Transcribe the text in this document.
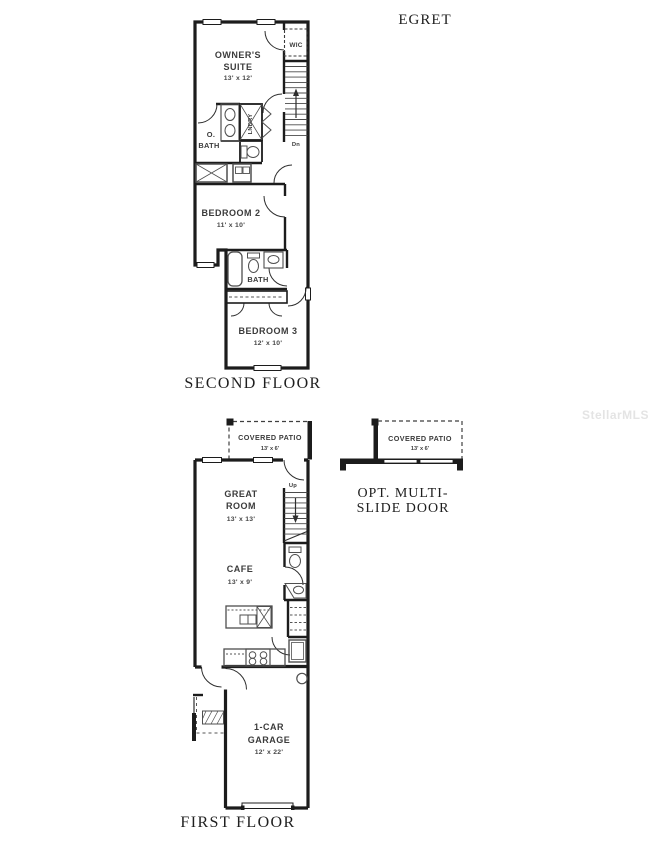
EGRET
StellarMLS
WIC
Dn
OWNER'S
SUITE
13' x 12'
O.
BATH
LNDRY
BEDROOM 2
11' x 10'
BATH
BEDROOM 3
12' x 10'
SECOND FLOOR
COVERED PATIO
13' x 6'
Up
GREAT
ROOM
13' x 13'
CAFE
13' x 9'
1-CAR
GARAGE
12' x 22'
FIRST FLOOR
COVERED PATIO
13' x 6'
OPT. MULTI-
SLIDE DOOR
